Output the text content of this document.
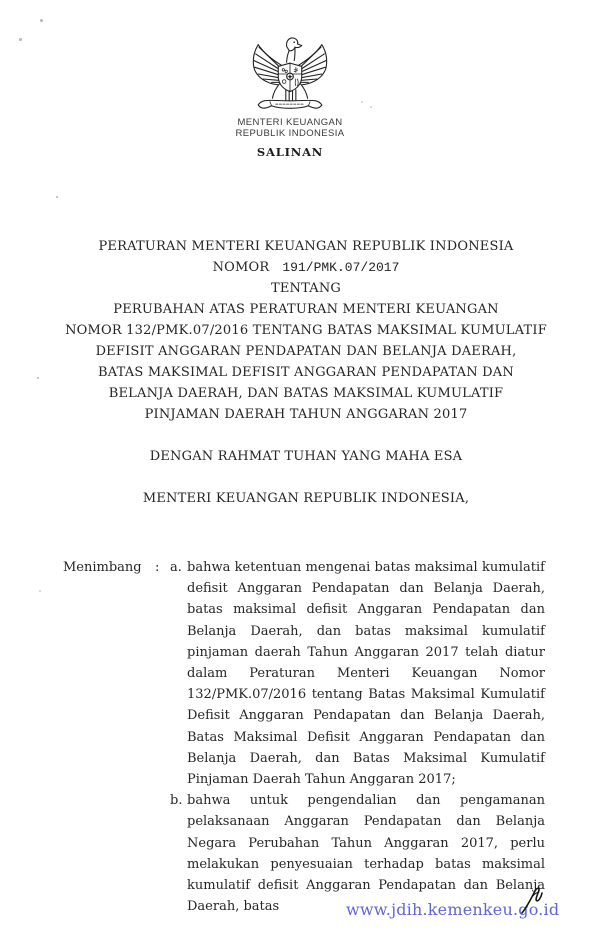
MENTERI KEUANGAN
REPUBLIK INDONESIA
SALINAN
PERATURAN MENTERI KEUANGAN REPUBLIK INDONESIA
NOMOR 191/PMK.07/2017
TENTANG
PERUBAHAN ATAS PERATURAN MENTERI KEUANGAN
NOMOR 132/PMK.07/2016 TENTANG BATAS MAKSIMAL KUMULATIF
DEFISIT ANGGARAN PENDAPATAN DAN BELANJA DAERAH,
BATAS MAKSIMAL DEFISIT ANGGARAN PENDAPATAN DAN
BELANJA DAERAH, DAN BATAS MAKSIMAL KUMULATIF
PINJAMAN DAERAH TAHUN ANGGARAN 2017
DENGAN RAHMAT TUHAN YANG MAHA ESA
MENTERI KEUANGAN REPUBLIK INDONESIA,
Menimbang : a. bahwa ketentuan mengenai batas maksimal kumulatif defisit Anggaran Pendapatan dan Belanja Daerah, batas maksimal defisit Anggaran Pendapatan dan Belanja Daerah, dan batas maksimal kumulatif pinjaman daerah Tahun Anggaran 2017 telah diatur dalam Peraturan Menteri Keuangan Nomor 132/PMK.07/2016 tentang Batas Maksimal Kumulatif Defisit Anggaran Pendapatan dan Belanja Daerah, Batas Maksimal Defisit Anggaran Pendapatan dan Belanja Daerah, dan Batas Maksimal Kumulatif Pinjaman Daerah Tahun Anggaran 2017;

b. bahwa untuk pengendalian dan pengamanan pelaksanaan Anggaran Pendapatan dan Belanja Negara Perubahan Tahun Anggaran 2017, perlu melakukan penyesuaian terhadap batas maksimal kumulatif defisit Anggaran Pendapatan dan Belanja Daerah, batas	www.jdih.kemenkeu.go.id
